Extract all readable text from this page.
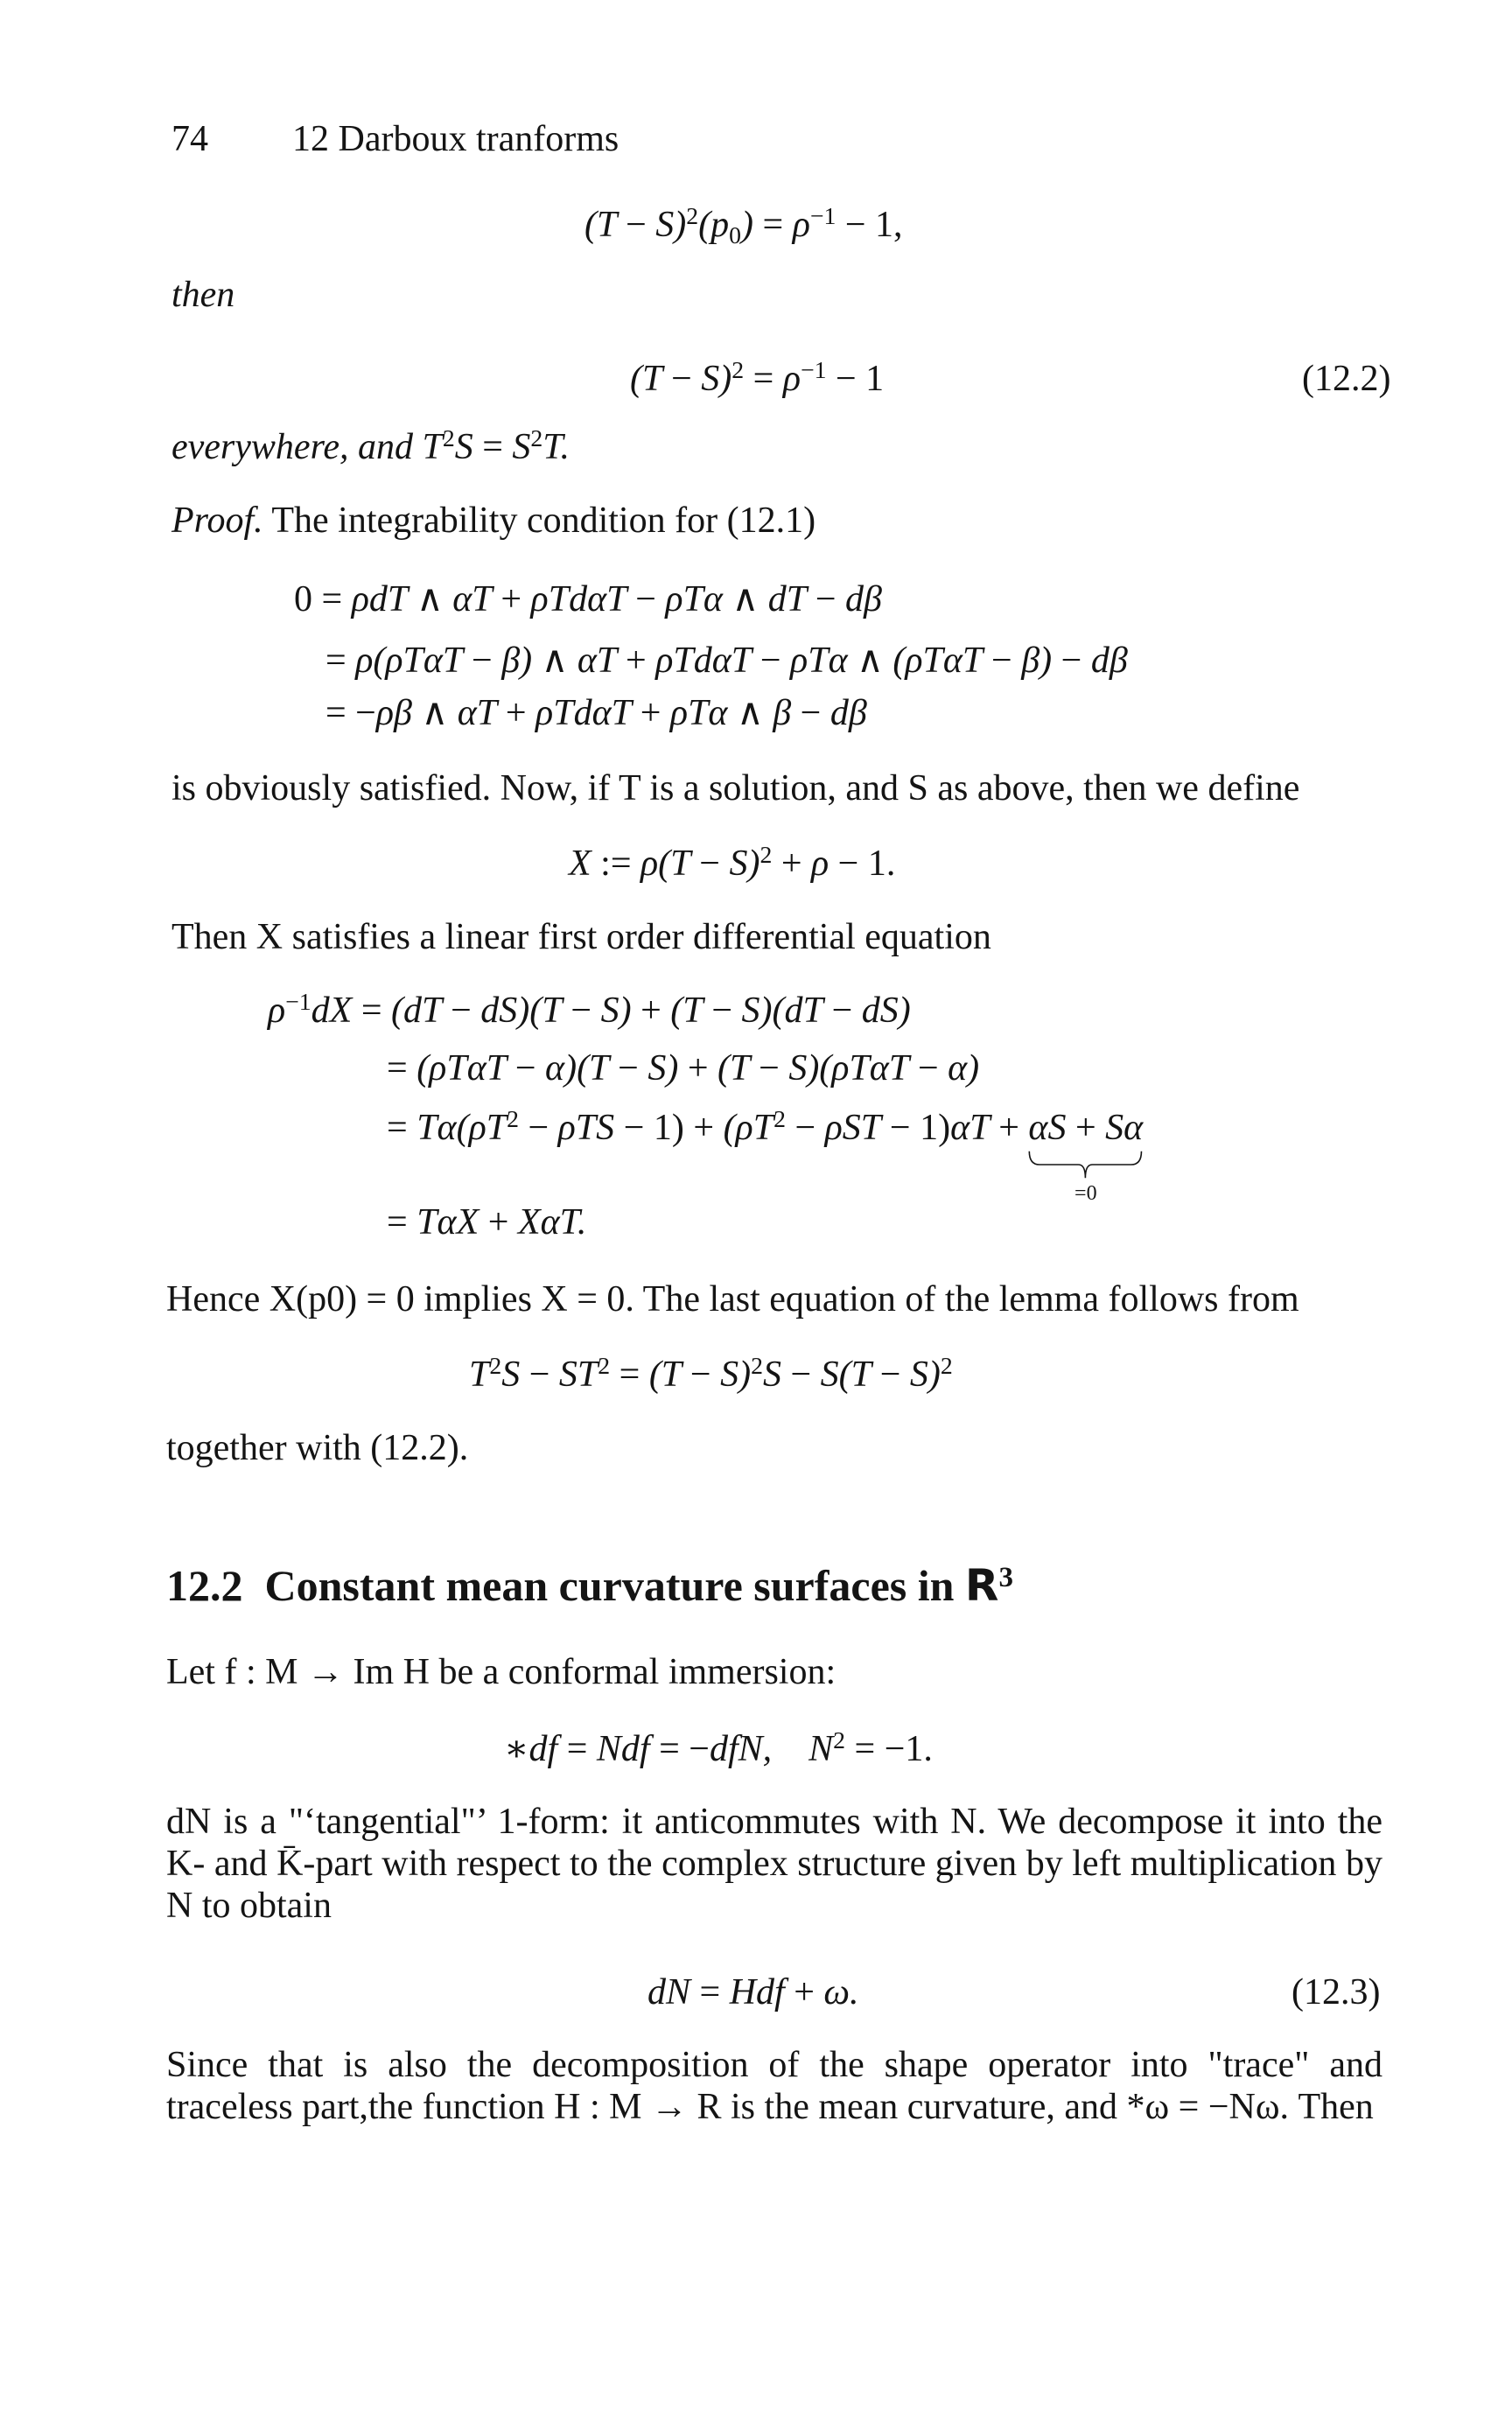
74 12 Darboux tranforms
$(T - S)^2(p_0) = \rho^{-1} - 1$,
then
$(T - S)^2 = \rho^{-1} - 1$	(12.2)
everywhere, and $T^2S = S^2T$.
Proof. The integrability condition for (12.1)
0 = ρdT ∧ αT + ρTdαT − ρTα ∧ dT − dβ
= ρ(ρTαT − β) ∧ αT + ρTdαT − ρTα ∧ (ρTαT − β) − dβ
= −ρβ ∧ αT + ρTdαT + ρTα ∧ β − dβ
is obviously satisfied. Now, if T is a solution, and S as above, then we define
X := $\rho(T - S)^2 + \rho - 1$.
Then X satisfies a linear first order differential equation
$\rho^{-1}dX = (dT - dS)(T - S) + (T - S)(dT - dS)$
= (ρTαT − α)(T − S) + (T − S)(ρTαT − α)
= $T\alpha(\rho T^2 - \rho TS - 1) + (\rho T^2 - \rho ST - 1)\alpha T + \alpha S + S\alpha$
=0
= TαX + XαT.
Hence X(p0) = 0 implies X = 0. The last equation of the lemma follows from
$T^2S - ST^2 = (T - S)^2S - S(T - S)^2$
together with (12.2).
12.2 Constant mean curvature surfaces in $R^3$
Let f : M → Im H be a conformal immersion:
∗df = Ndf = −dfN,    $N^2 = -1$.
dN is a "‘tangential"’ 1-form: it anticommutes with N. We decompose it into the K- and K̄-part with respect to the complex structure given by left multiplication by N to obtain
dN = Hdf + ω.	(12.3)
Since that is also the decomposition of the shape operator into "trace" and traceless part,the function H : M → R is the mean curvature, and *ω = −Nω. Then
